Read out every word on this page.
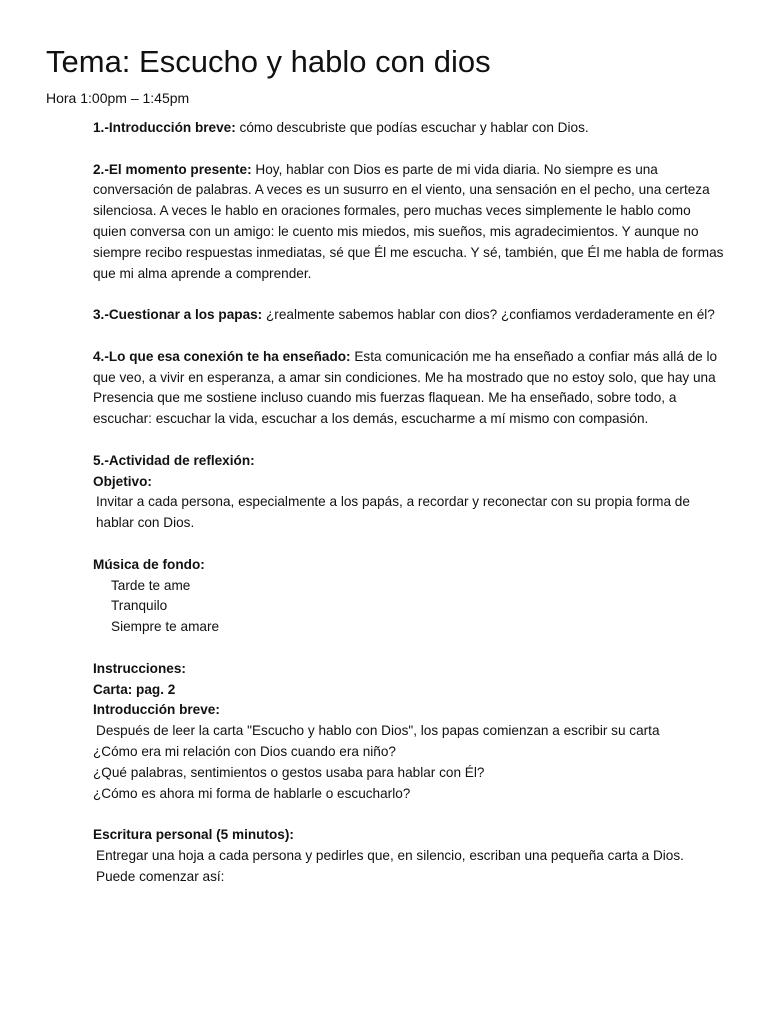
Tema: Escucho y hablo con dios
Hora 1:00pm – 1:45pm

1.-Introducción breve: cómo descubriste que podías escuchar y hablar con Dios.

2.-El momento presente: Hoy, hablar con Dios es parte de mi vida diaria. No siempre es una conversación de palabras. A veces es un susurro en el viento, una sensación en el pecho, una certeza silenciosa. A veces le hablo en oraciones formales, pero muchas veces simplemente le hablo como quien conversa con un amigo: le cuento mis miedos, mis sueños, mis agradecimientos. Y aunque no siempre recibo respuestas inmediatas, sé que Él me escucha. Y sé, también, que Él me habla de formas que mi alma aprende a comprender.

3.-Cuestionar a los papas: ¿realmente sabemos hablar con dios? ¿confiamos verdaderamente en él?

4.-Lo que esa conexión te ha enseñado: Esta comunicación me ha enseñado a confiar más allá de lo que veo, a vivir en esperanza, a amar sin condiciones. Me ha mostrado que no estoy solo, que hay una Presencia que me sostiene incluso cuando mis fuerzas flaquean. Me ha enseñado, sobre todo, a escuchar: escuchar la vida, escuchar a los demás, escucharme a mí mismo con compasión.

5.-Actividad de reflexión:

Objetivo:

Invitar a cada persona, especialmente a los papás, a recordar y reconectar con su propia forma de hablar con Dios.

Música de fondo:

Tarde te ame

Tranquilo

Siempre te amare

Instrucciones:

Carta: pag. 2

Introducción breve:

Después de leer la carta "Escucho y hablo con Dios", los papas comienzan a escribir su carta

¿Cómo era mi relación con Dios cuando era niño?

¿Qué palabras, sentimientos o gestos usaba para hablar con Él?

¿Cómo es ahora mi forma de hablarle o escucharlo?

Escritura personal (5 minutos):

Entregar una hoja a cada persona y pedirles que, en silencio, escriban una pequeña carta a Dios.

Puede comenzar así:
